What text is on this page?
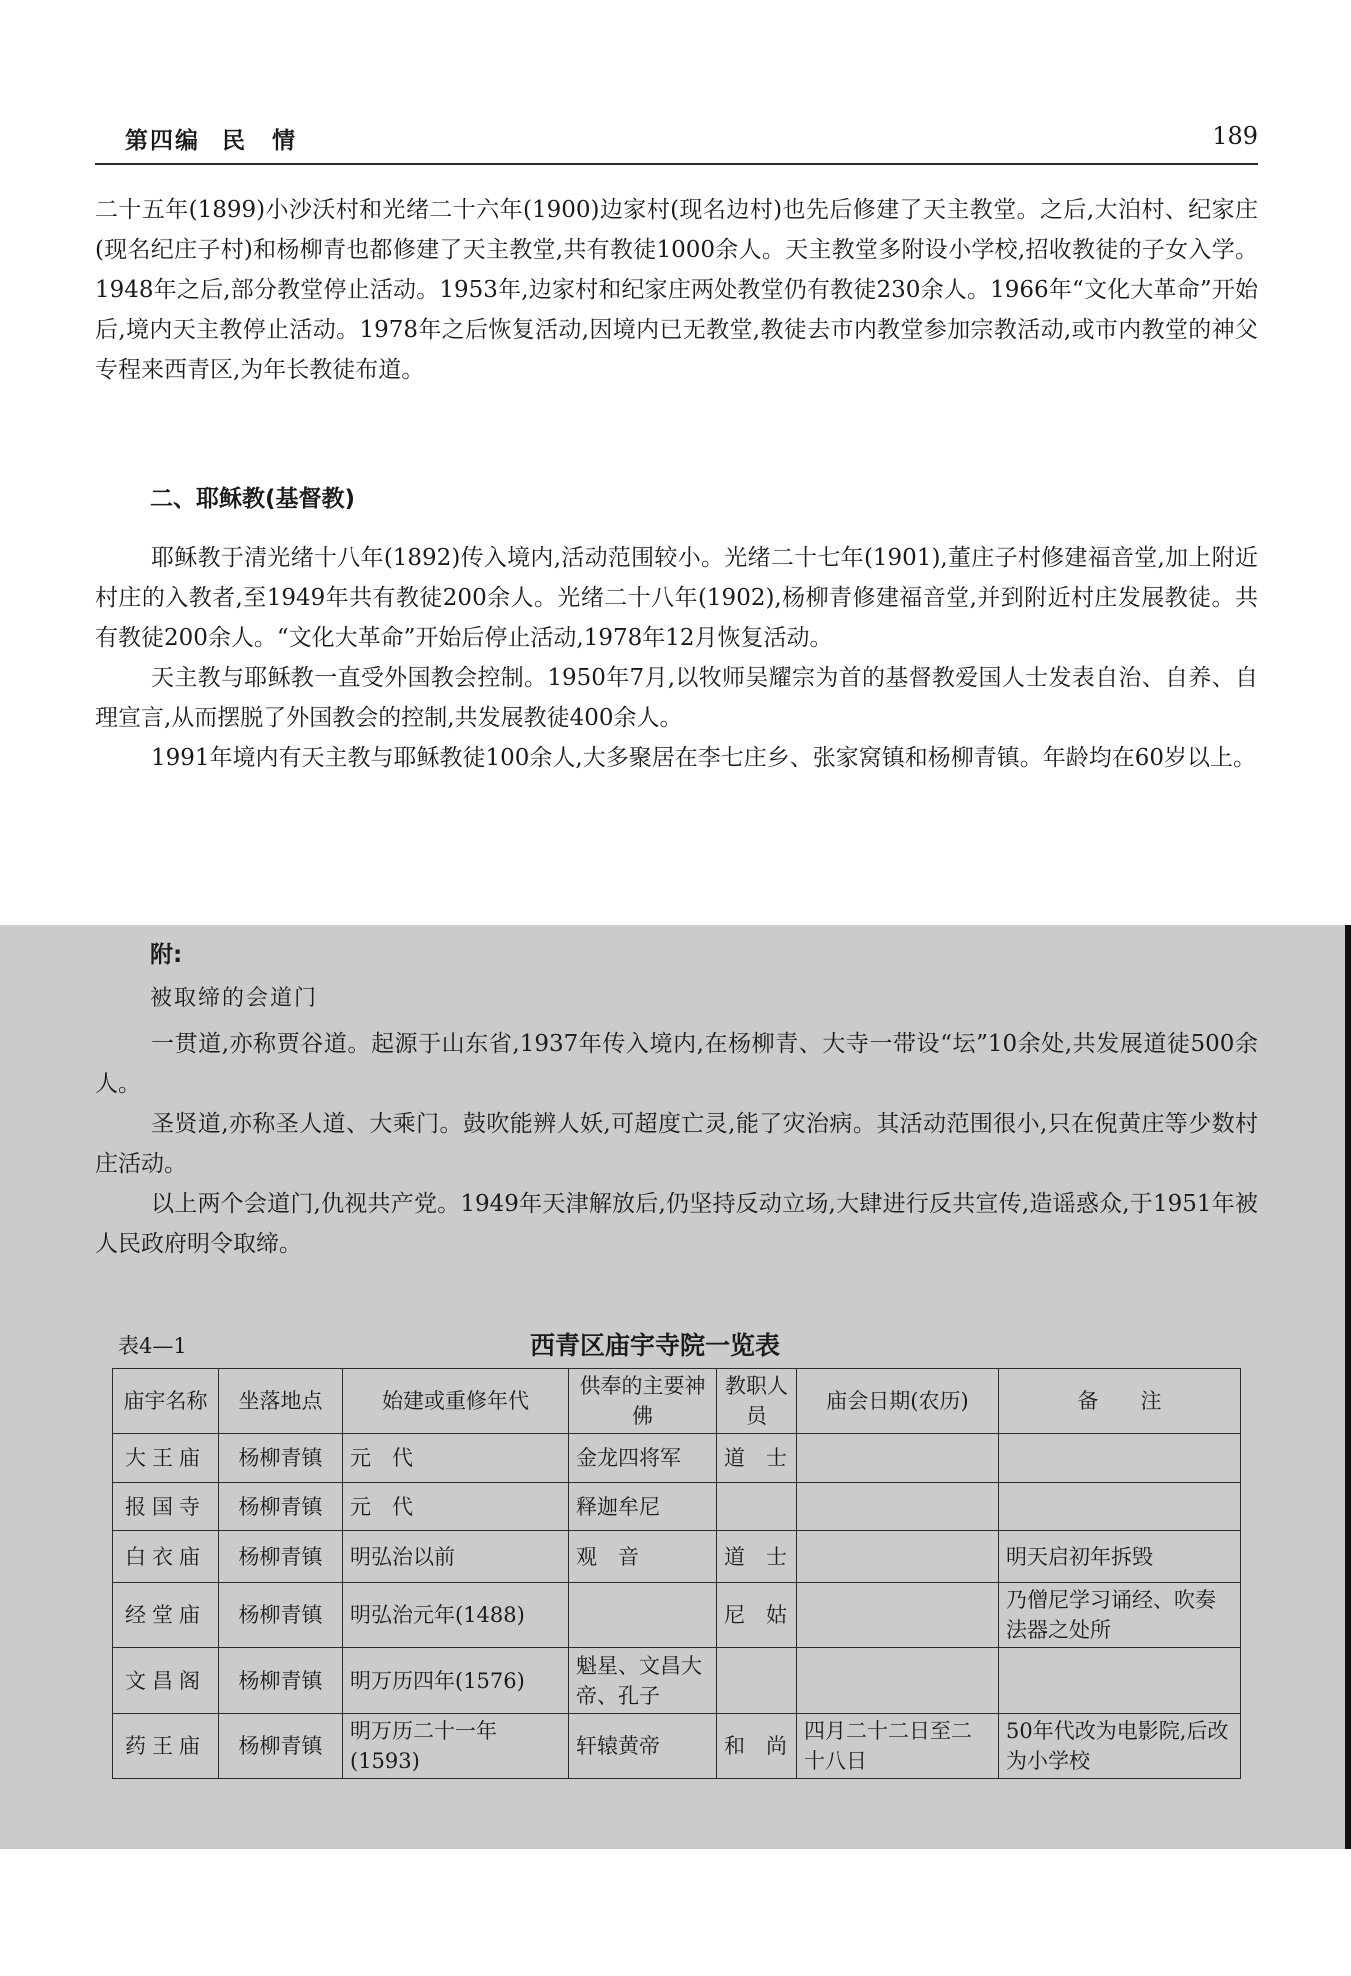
第四编 民　情	189

二十五年(1899)小沙沃村和光绪二十六年(1900)边家村(现名边村)也先后修建了天主教堂。之后,大泊村、纪家庄(现名纪庄子村)和杨柳青也都修建了天主教堂,共有教徒1000余人。天主教堂多附设小学校,招收教徒的子女入学。1948年之后,部分教堂停止活动。1953年,边家村和纪家庄两处教堂仍有教徒230余人。1966年“文化大革命”开始后,境内天主教停止活动。1978年之后恢复活动,因境内已无教堂,教徒去市内教堂参加宗教活动,或市内教堂的神父专程来西青区,为年长教徒布道。

二、耶稣教(基督教)

耶稣教于清光绪十八年(1892)传入境内,活动范围较小。光绪二十七年(1901),董庄子村修建福音堂,加上附近村庄的入教者,至1949年共有教徒200余人。光绪二十八年(1902),杨柳青修建福音堂,并到附近村庄发展教徒。共有教徒200余人。“文化大革命”开始后停止活动,1978年12月恢复活动。

天主教与耶稣教一直受外国教会控制。1950年7月,以牧师吴耀宗为首的基督教爱国人士发表自治、自养、自理宣言,从而摆脱了外国教会的控制,共发展教徒400余人。

1991年境内有天主教与耶稣教徒100余人,大多聚居在李七庄乡、张家窝镇和杨柳青镇。年龄均在60岁以上。

附:
被取缔的会道门

一贯道,亦称贾谷道。起源于山东省,1937年传入境内,在杨柳青、大寺一带设“坛”10余处,共发展道徒500余人。

圣贤道,亦称圣人道、大乘门。鼓吹能辨人妖,可超度亡灵,能了灾治病。其活动范围很小,只在倪黄庄等少数村庄活动。

以上两个会道门,仇视共产党。1949年天津解放后,仍坚持反动立场,大肆进行反共宣传,造谣惑众,于1951年被人民政府明令取缔。

表4—1	西青区庙宇寺院一览表
庙宇名称	坐落地点	始建或重修年代	供奉的主要神佛	教职人员	庙会日期(农历)	备　　注
大王庙	杨柳青镇	元　代	金龙四将军	道　士		
报国寺	杨柳青镇	元　代	释迦牟尼			
白衣庙	杨柳青镇	明弘治以前	观　音	道　士		明天启初年拆毁
经堂庙	杨柳青镇	明弘治元年(1488)		尼　姑		乃僧尼学习诵经、吹奏法器之处所
文昌阁	杨柳青镇	明万历四年(1576)	魁星、文昌大帝、孔子			
药王庙	杨柳青镇	明万历二十一年(1593)	轩辕黄帝	和　尚	四月二十二日至二十八日	50年代改为电影院,后改为小学校
